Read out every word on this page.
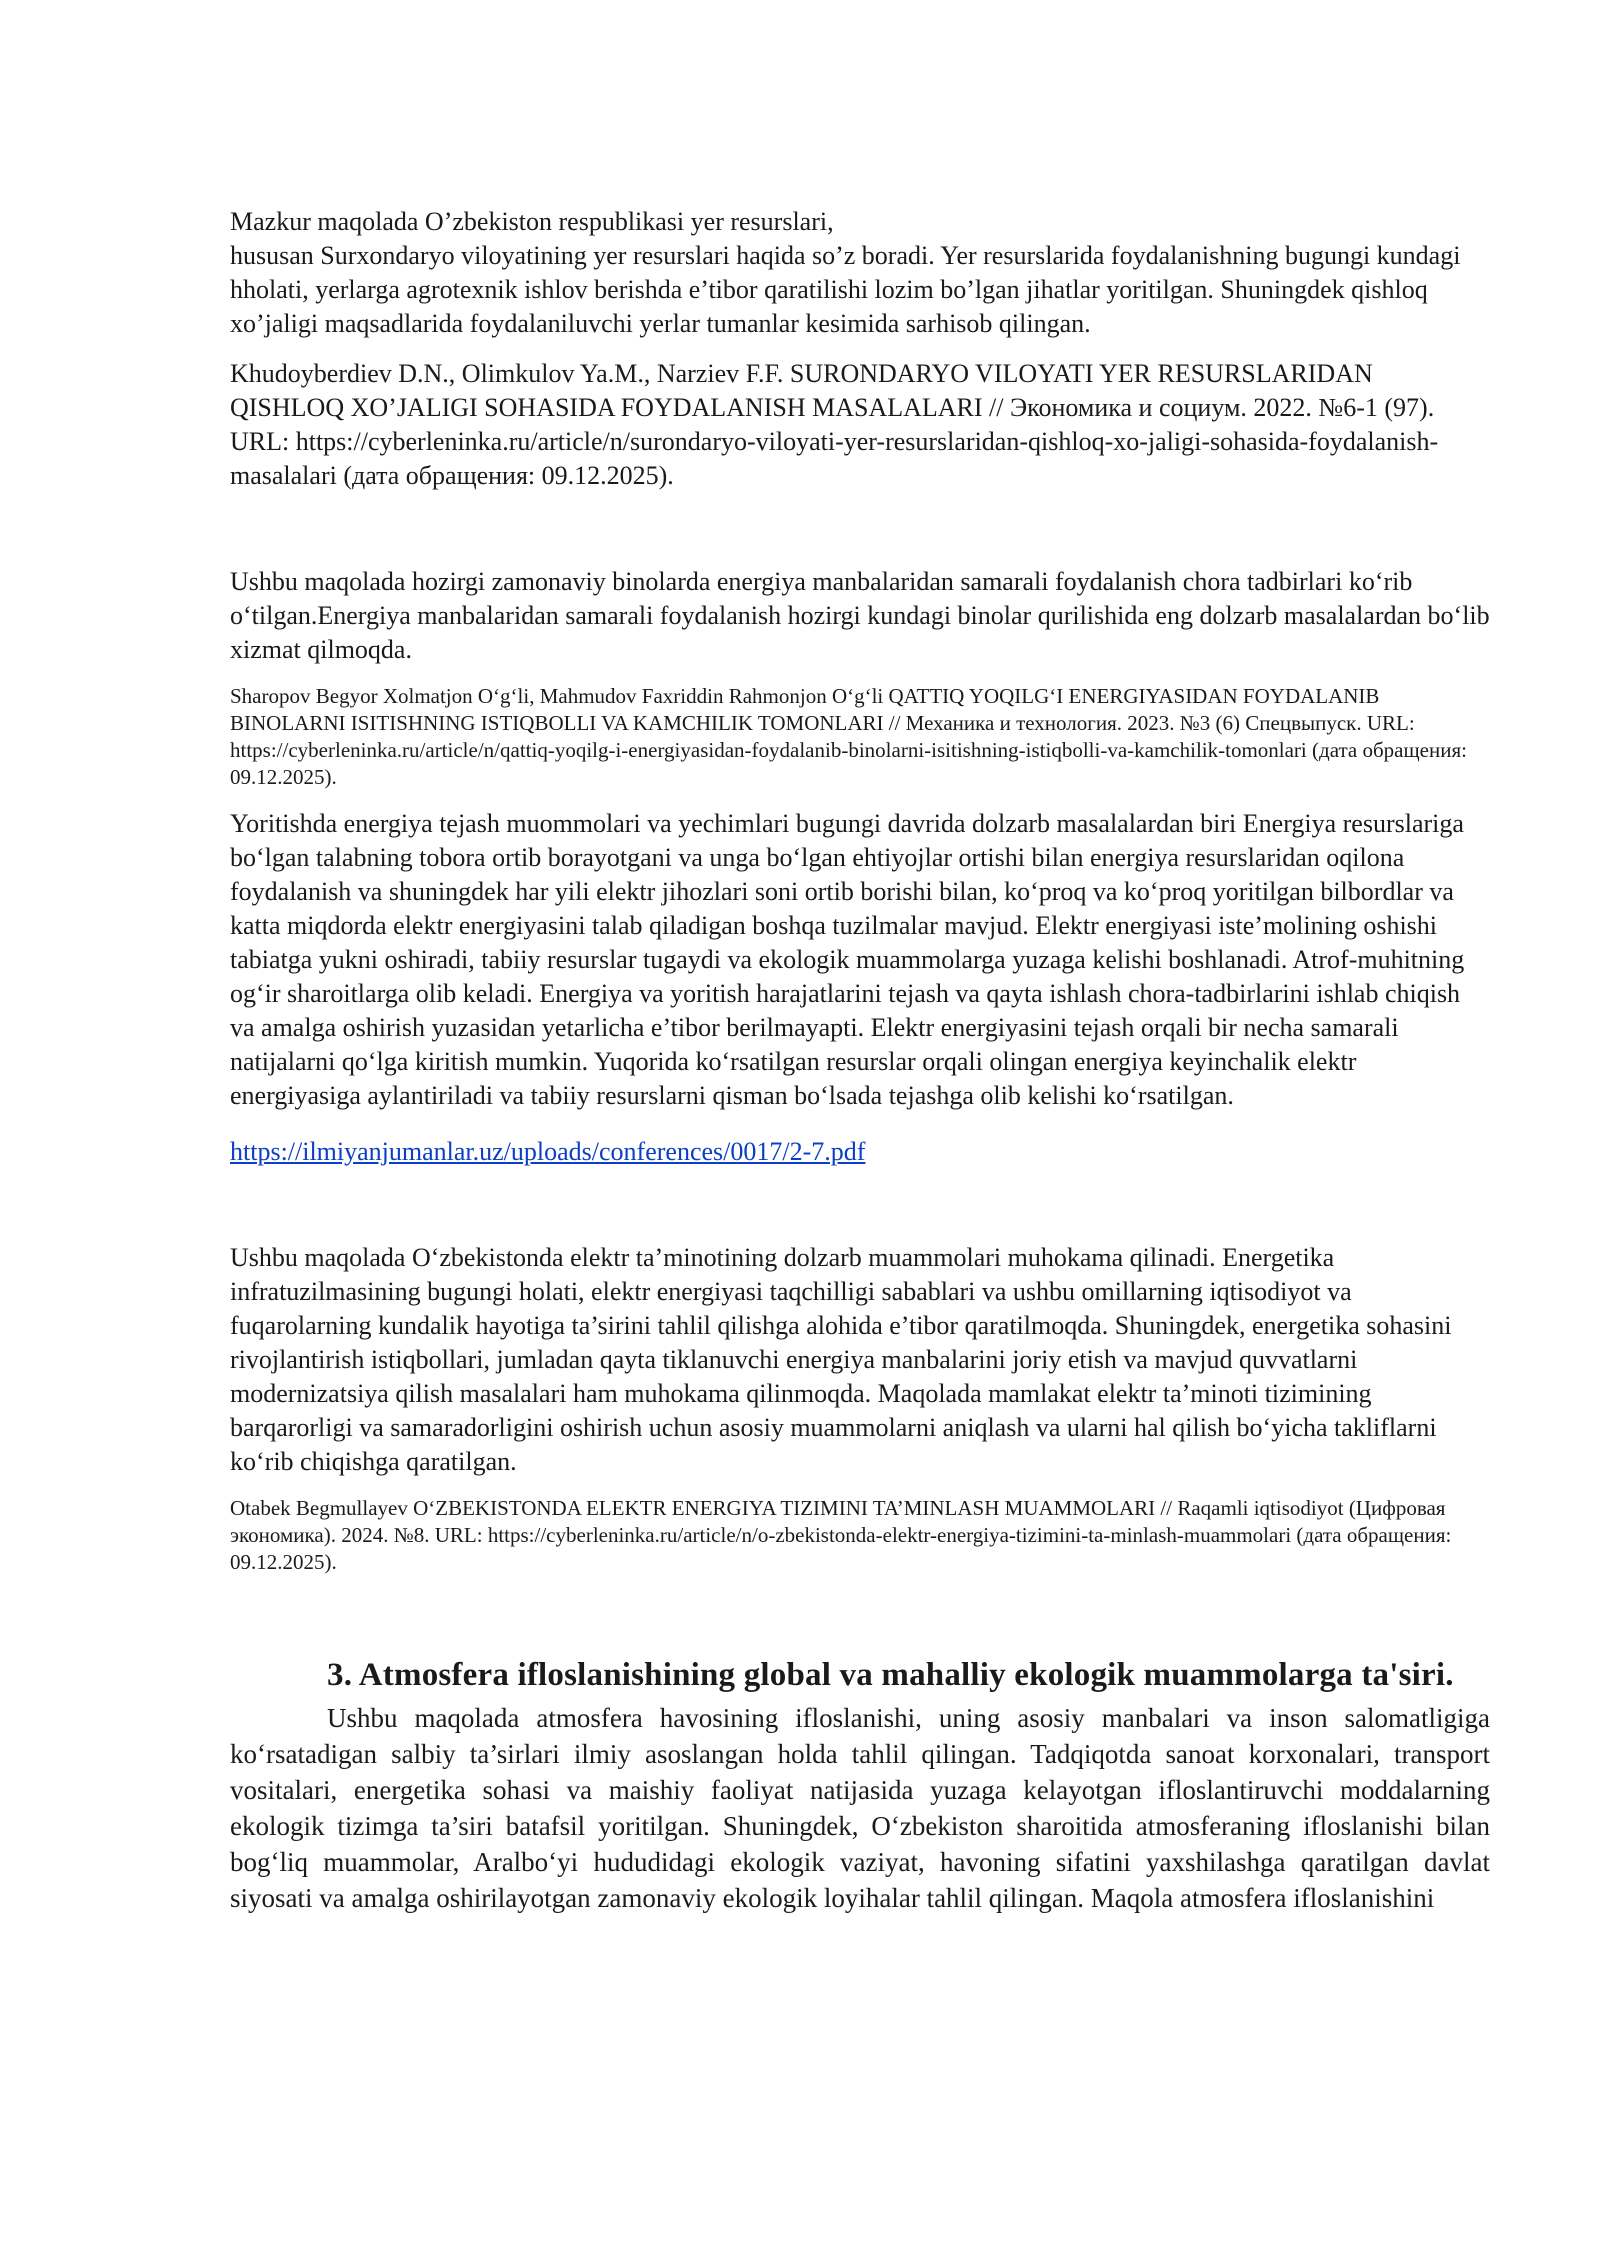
Mazkur maqolada O’zbekiston respublikasi yer resurslari,
hususan Surxondaryo viloyatining yer resurslari haqida so’z boradi. Yer resurslarida foydalanishning bugungi kundagi hholati, yerlarga agrotexnik ishlov berishda e’tibor qaratilishi lozim bo’lgan jihatlar yoritilgan. Shuningdek qishloq xo’jaligi maqsadlarida foydalaniluvchi yerlar tumanlar kesimida sarhisob qilingan.

Khudoyberdiev D.N., Olimkulov Ya.M., Narziev F.F. SURONDARYO VILOYATI YER RESURSLARIDAN QISHLOQ XO’JALIGI SOHASIDA FOYDALANISH MASALALARI // Экономика и социум. 2022. №6-1 (97). URL: https://cyberleninka.ru/article/n/surondaryo-viloyati-yer-resurslaridan-qishloq-xo-jaligi-sohasida-foydalanish-masalalari (дата обращения: 09.12.2025).

Ushbu maqolada hozirgi zamonaviy binolarda energiya manbalaridan samarali foydalanish chora tadbirlari ko‘rib o‘tilgan.Energiya manbalaridan samarali foydalanish hozirgi kundagi binolar qurilishida eng dolzarb masalalardan bo‘lib xizmat qilmoqda.

Sharopov Begyor Xolmatjon O‘g‘li, Mahmudov Faxriddin Rahmonjon O‘g‘li QATTIQ YOQILG‘I ENERGIYASIDAN FOYDALANIB BINOLARNI ISITISHNING ISTIQBOLLI VA KAMCHILIK TOMONLARI // Механика и технология. 2023. №3 (6) Спецвыпуск. URL: https://cyberleninka.ru/article/n/qattiq-yoqilg-i-energiyasidan-foydalanib-binolarni-isitishning-istiqbolli-va-kamchilik-tomonlari (дата обращения: 09.12.2025).

Yoritishda energiya tejash muommolari va yechimlari bugungi davrida dolzarb masalalardan biri Energiya resurslariga bo‘lgan talabning tobora ortib borayotgani va unga bo‘lgan ehtiyojlar ortishi bilan energiya resurslaridan oqilona foydalanish va shuningdek har yili elektr jihozlari soni ortib borishi bilan, ko‘proq va ko‘proq yoritilgan bilbordlar va katta miqdorda elektr energiyasini talab qiladigan boshqa tuzilmalar mavjud. Elektr energiyasi iste’molining oshishi tabiatga yukni oshiradi, tabiiy resurslar tugaydi va ekologik muammolarga yuzaga kelishi boshlanadi. Atrof-muhitning og‘ir sharoitlarga olib keladi. Energiya va yoritish harajatlarini tejash va qayta ishlash chora-tadbirlarini ishlab chiqish va amalga oshirish yuzasidan yetarlicha e’tibor berilmayapti. Elektr energiyasini tejash orqali bir necha samarali natijalarni qo‘lga kiritish mumkin. Yuqorida ko‘rsatilgan resurslar orqali olingan energiya keyinchalik elektr energiyasiga aylantiriladi va tabiiy resurslarni qisman bo‘lsada tejashga olib kelishi ko‘rsatilgan.

https://ilmiyanjumanlar.uz/uploads/conferences/0017/2-7.pdf

Ushbu maqolada O‘zbekistonda elektr ta’minotining dolzarb muammolari muhokama qilinadi. Energetika infratuzilmasining bugungi holati, elektr energiyasi taqchilligi sabablari va ushbu omillarning iqtisodiyot va fuqarolarning kundalik hayotiga ta’sirini tahlil qilishga alohida e’tibor qaratilmoqda. Shuningdek, energetika sohasini rivojlantirish istiqbollari, jumladan qayta tiklanuvchi energiya manbalarini joriy etish va mavjud quvvatlarni modernizatsiya qilish masalalari ham muhokama qilinmoqda. Maqolada mamlakat elektr ta’minoti tizimining barqarorligi va samaradorligini oshirish uchun asosiy muammolarni aniqlash va ularni hal qilish bo‘yicha takliflarni ko‘rib chiqishga qaratilgan.

Otabek Begmullayev O‘ZBEKISTONDA ELEKTR ENERGIYA TIZIMINI TA’MINLASH MUAMMOLARI // Raqamli iqtisodiyot (Цифровая экономика). 2024. №8. URL: https://cyberleninka.ru/article/n/o-zbekistonda-elektr-energiya-tizimini-ta-minlash-muammolari (дата обращения: 09.12.2025).

3. Atmosfera ifloslanishining global va mahalliy ekologik muammolarga ta'siri.

Ushbu maqolada atmosfera havosining ifloslanishi, uning asosiy manbalari va inson salomatligiga ko‘rsatadigan salbiy ta’sirlari ilmiy asoslangan holda tahlil qilingan. Tadqiqotda sanoat korxonalari, transport vositalari, energetika sohasi va maishiy faoliyat natijasida yuzaga kelayotgan ifloslantiruvchi moddalarning ekologik tizimga ta’siri batafsil yoritilgan. Shuningdek, O‘zbekiston sharoitida atmosferaning ifloslanishi bilan bog‘liq muammolar, Aralbo‘yi hududidagi ekologik vaziyat, havoning sifatini yaxshilashga qaratilgan davlat siyosati va amalga oshirilayotgan zamonaviy ekologik loyihalar tahlil qilingan. Maqola atmosfera ifloslanishini
